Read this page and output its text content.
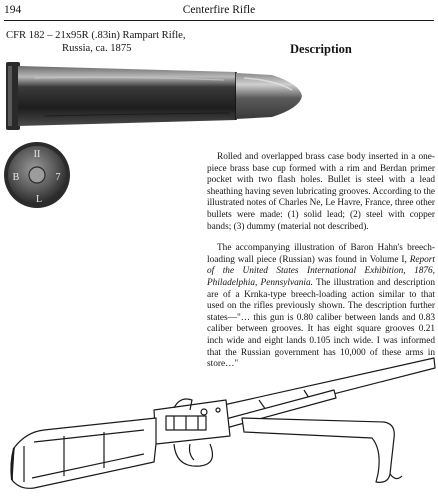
194	Centerfire Rifle
CFR 182 – 21x95R (.83in) Rampart Rifle,
Russia, ca. 1875	Description
II
B	7
L

Rolled and overlapped brass case body inserted in a one-piece brass base cup formed with a rim and Berdan primer pocket with two flash holes. Bullet is steel with a lead sheathing having seven lubricating grooves. According to the illustrated notes of Charles Ne, Le Havre, France, three other bullets were made: (1) solid lead; (2) steel with copper bands; (3) dummy (material not described).

The accompanying illustration of Baron Hahn's breech-loading wall piece (Russian) was found in Volume I, Report of the United States International Exhibition, 1876, Philadelphia, Pennsylvania. The illustration and description are of a Krnka-type breech-loading action similar to that used on the rifles previously shown. The description further states—"… this gun is 0.80 caliber between lands and 0.83 caliber between grooves. It has eight square grooves 0.21 inch wide and eight lands 0.105 inch wide. I was informed that the Russian government has 10,000 of these arms in store…"
